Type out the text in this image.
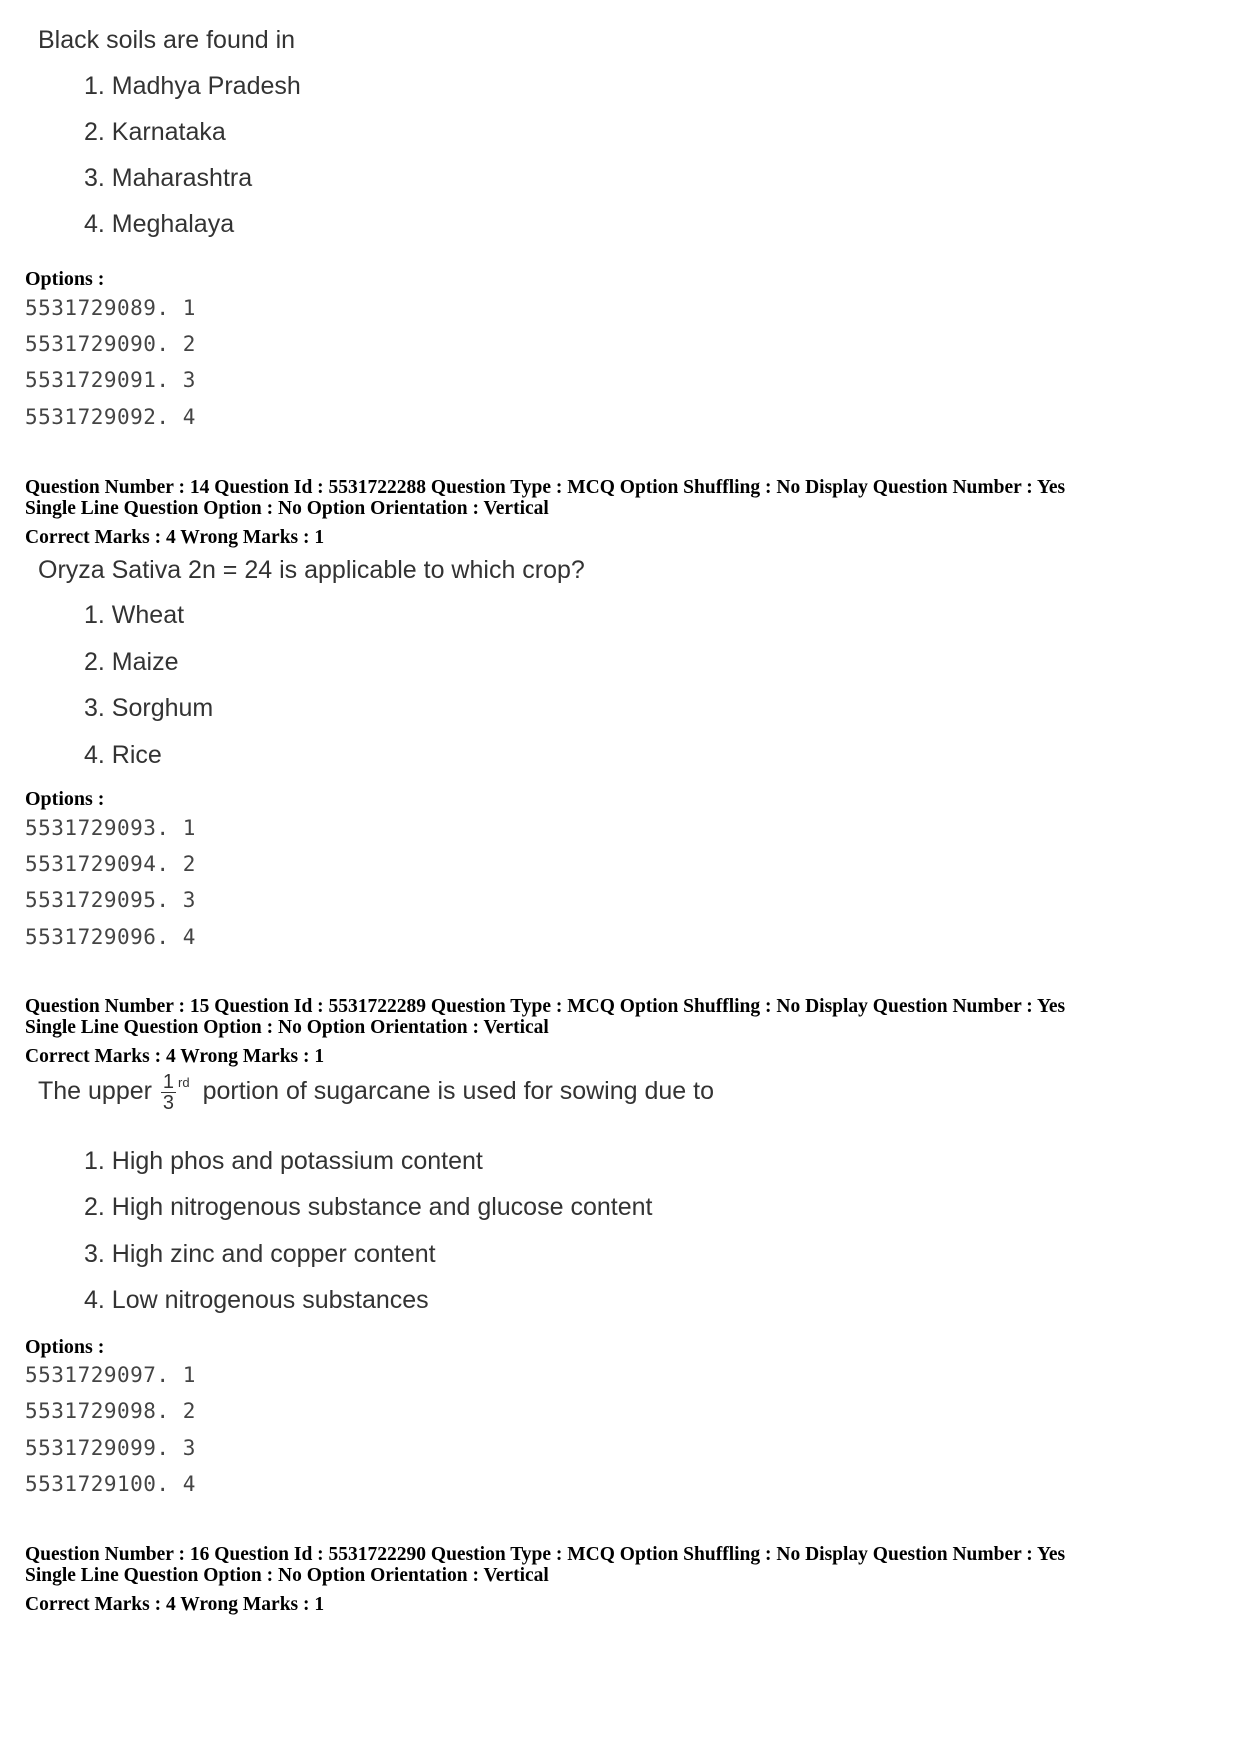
Black soils are found in
1. Madhya Pradesh
2. Karnataka
3. Maharashtra
4. Meghalaya
Options :
5531729089. 1
5531729090. 2
5531729091. 3
5531729092. 4
Question Number : 14 Question Id : 5531722288 Question Type : MCQ Option Shuffling : No Display Question Number : Yes
Single Line Question Option : No Option Orientation : Vertical
Correct Marks : 4 Wrong Marks : 1
Oryza Sativa 2n = 24 is applicable to which crop?
1. Wheat
2. Maize
3. Sorghum
4. Rice
Options :
5531729093. 1
5531729094. 2
5531729095. 3
5531729096. 4
Question Number : 15 Question Id : 5531722289 Question Type : MCQ Option Shuffling : No Display Question Number : Yes
Single Line Question Option : No Option Orientation : Vertical
Correct Marks : 4 Wrong Marks : 1
The upper $\frac{1}{3} ^{rd}$ portion of sugarcane is used for sowing due to
1. High phos and potassium content
2. High nitrogenous substance and glucose content
3. High zinc and copper content
4. Low nitrogenous substances
Options :
5531729097. 1
5531729098. 2
5531729099. 3
5531729100. 4
Question Number : 16 Question Id : 5531722290 Question Type : MCQ Option Shuffling : No Display Question Number : Yes
Single Line Question Option : No Option Orientation : Vertical
Correct Marks : 4 Wrong Marks : 1
